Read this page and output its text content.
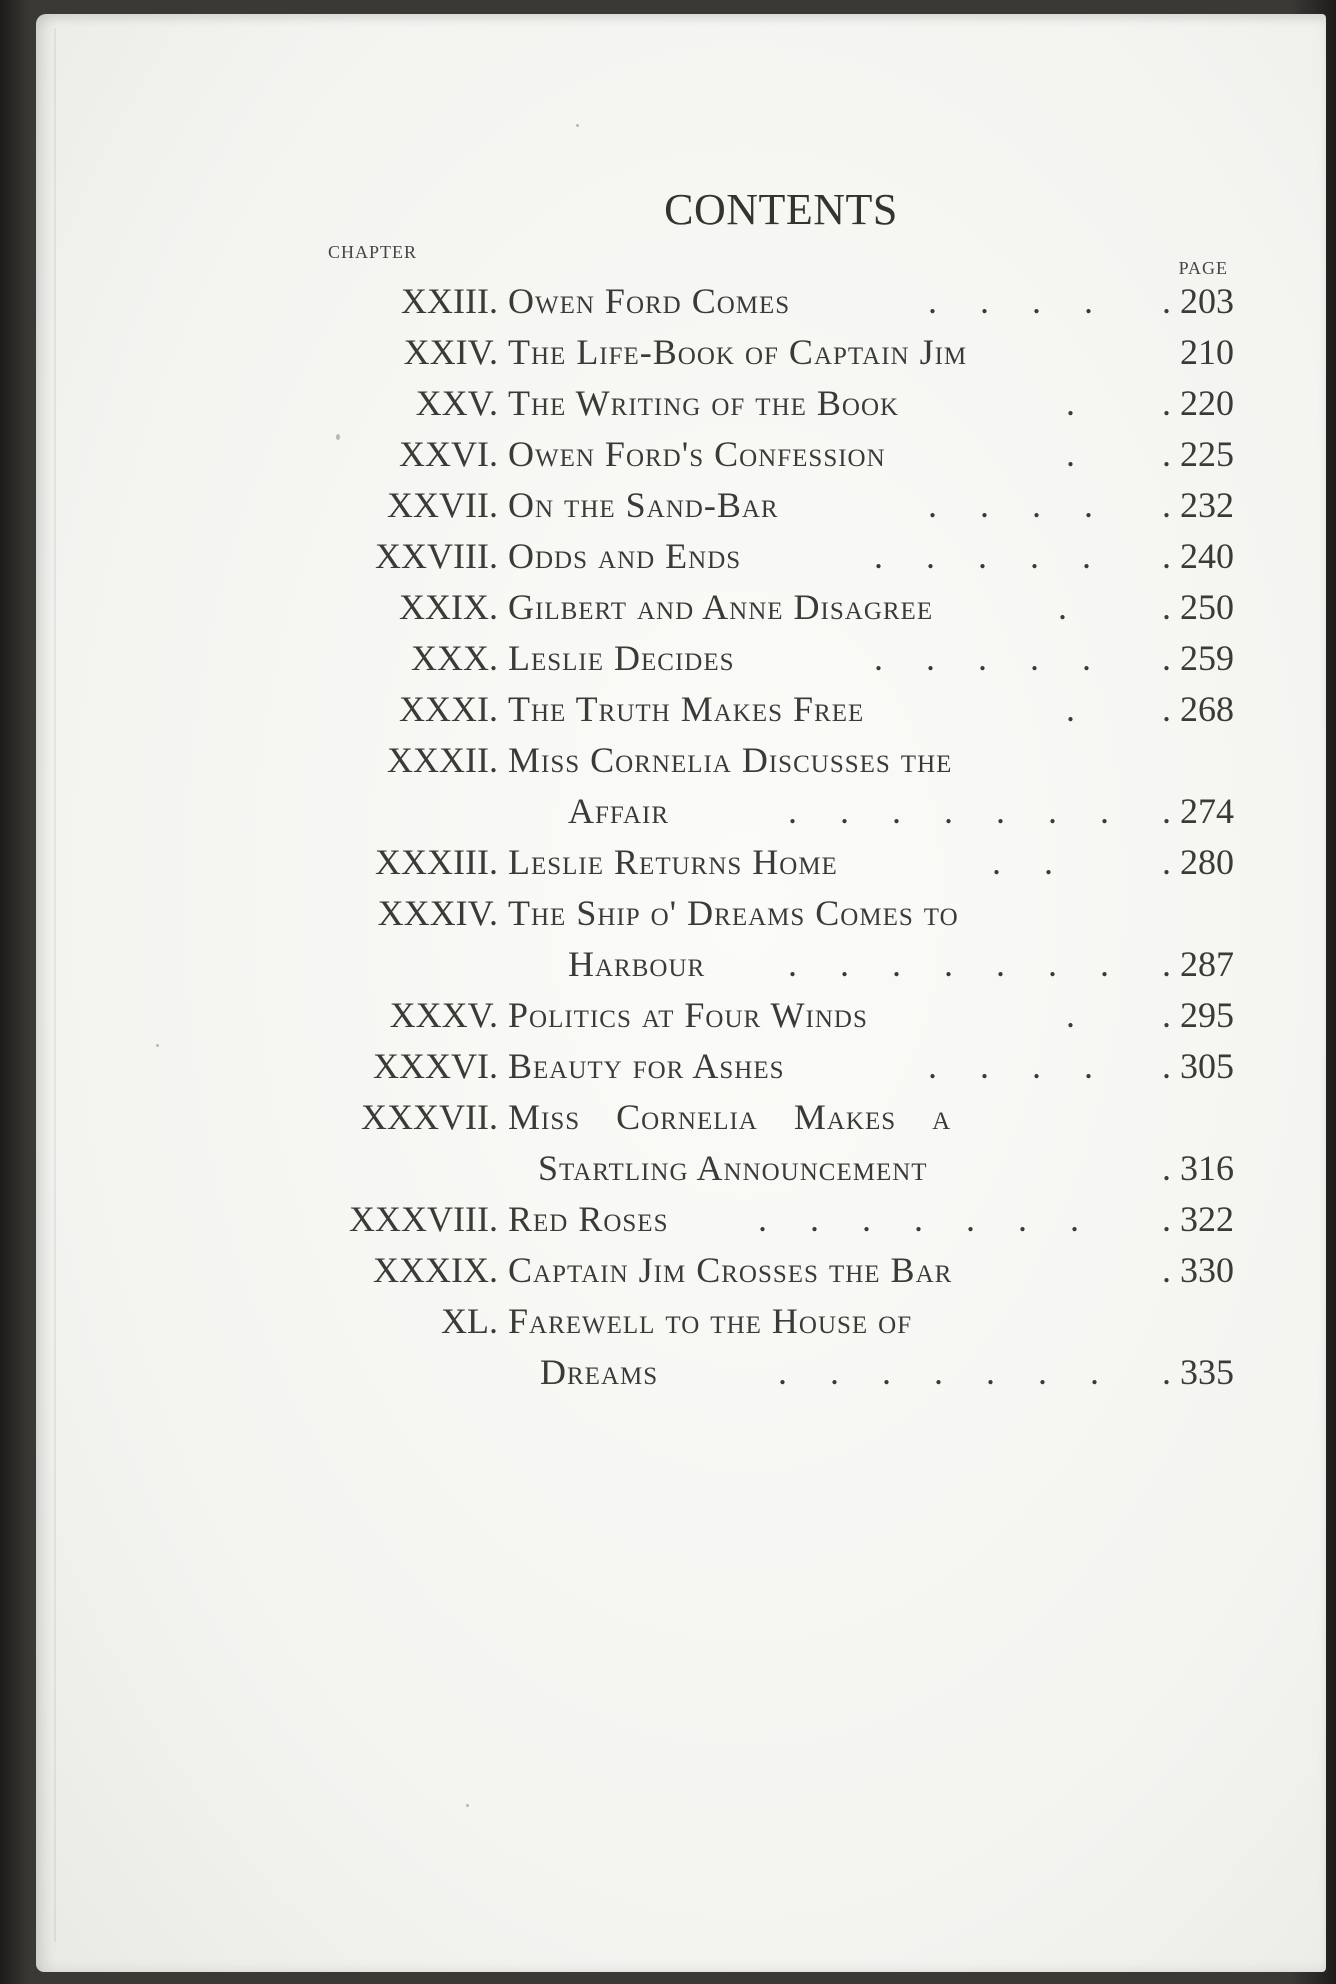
CONTENTS
CHAPTER
PAGE
XXIII. Owen Ford Comes	.   .   .   . . 203
XXIV. The Life-Book of Captain Jim	210
XXV. The Writing of the Book	. . 220
XXVI. Owen Ford's Confession	. . 225
XXVII. On the Sand-Bar	.   .   .   . . 232
XXVIII. Odds and Ends	.   .   .   .   . . 240
XXIX. Gilbert and Anne Disagree	.	. 250
XXX. Leslie Decides	.   .   .   .   . . 259
XXXI. The Truth Makes Free	. . 268
XXXII. Miss Cornelia Discusses the
Affair	.   .   .   .   .   .   . . 274
XXXIII. Leslie Returns Home	.   .	. 280
XXXIV. The Ship o' Dreams Comes to
Harbour .   .   .   .   .   .   . . 287
XXXV. Politics at Four Winds	. . 295
XXXVI. Beauty for Ashes	.   .   .   . . 305
XXXVII. Miss Cornelia Makes a
Startling Announcement	. 316
XXXVIII. Red Roses .   .   .   .   .   .   . . 322
XXXIX. Captain Jim Crosses the Bar	. 330
XL. Farewell to the House of
Dreams	.   .   .   .   .   .   . . 335
